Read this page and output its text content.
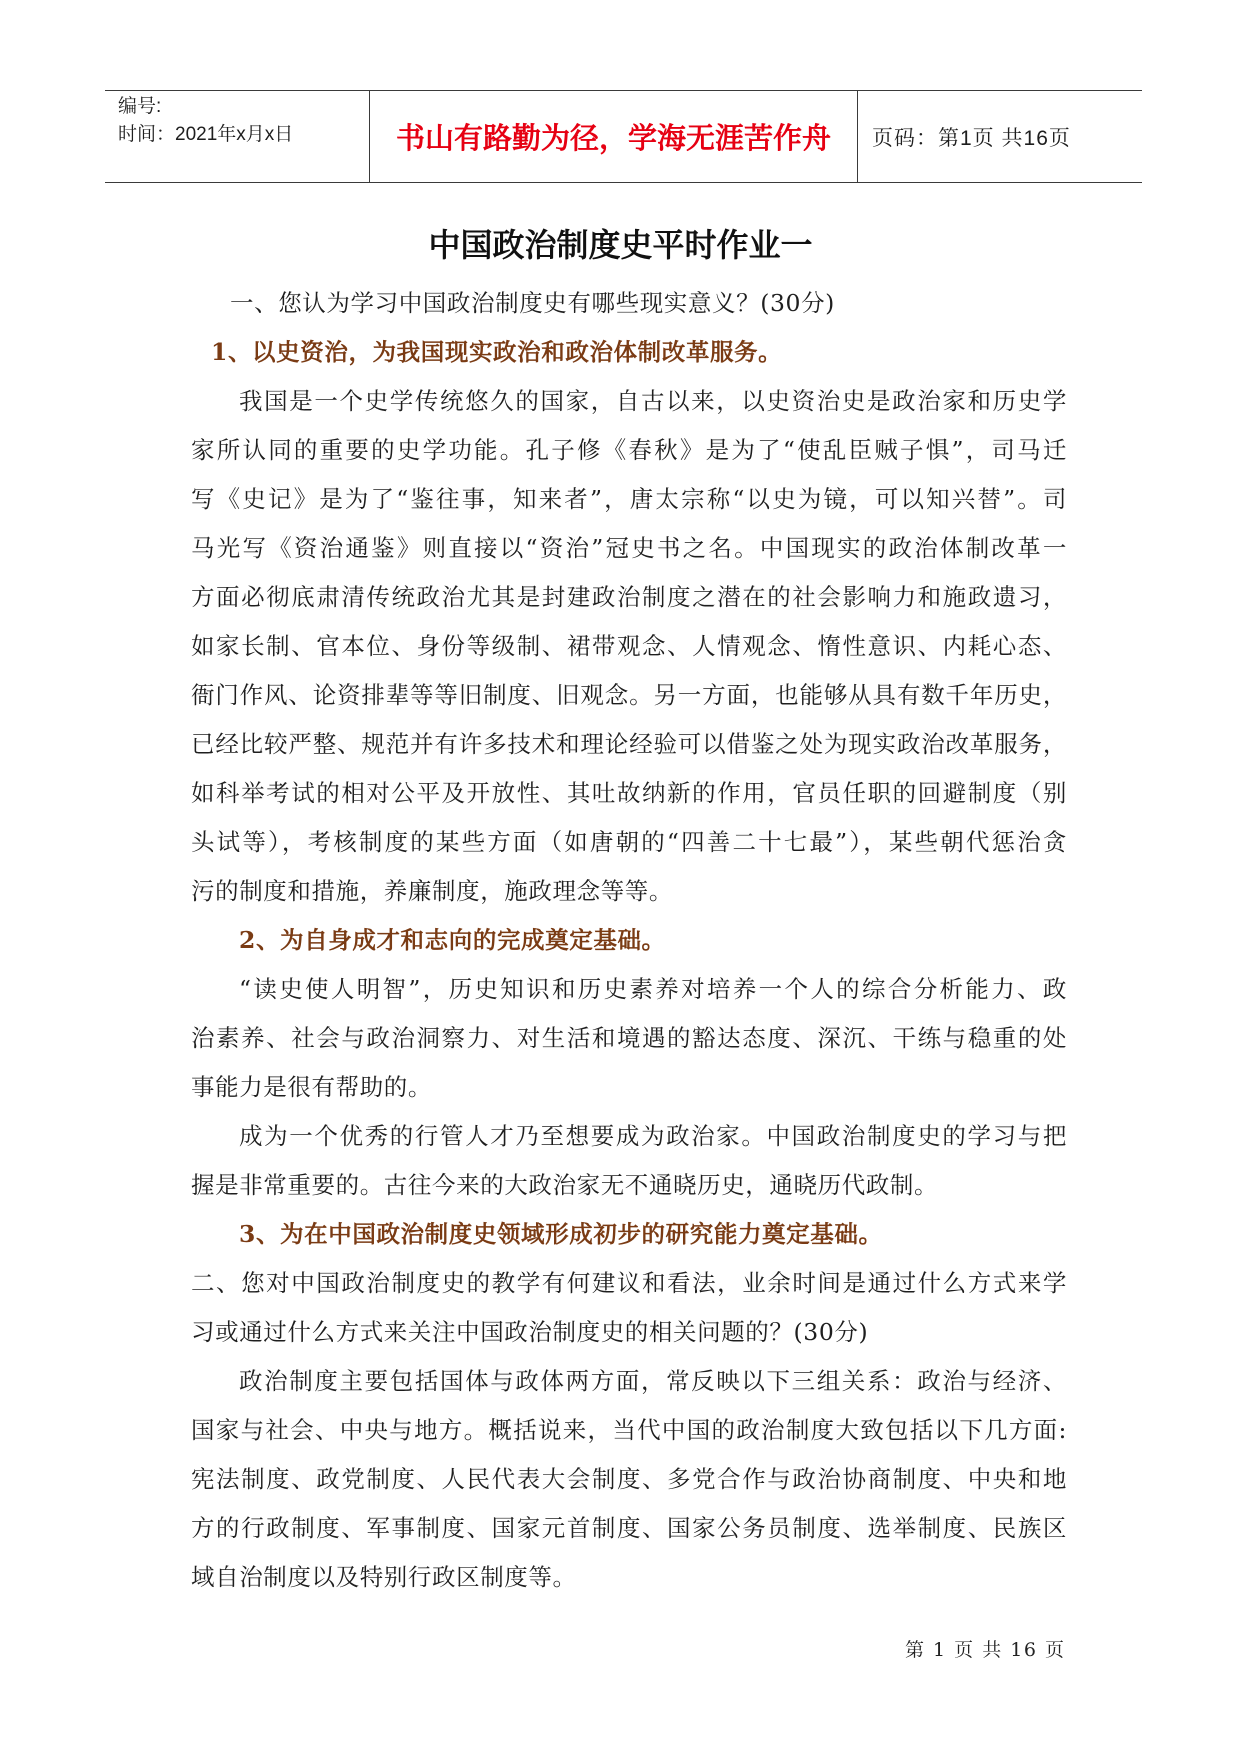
编号:
时间：2021年x月x日	书山有路勤为径，学海无涯苦作舟 页码：第1页 共16页
中国政治制度史平时作业一
一、您认为学习中国政治制度史有哪些现实意义？(30分)
1、以史资治，为我国现实政治和政治体制改革服务。
我国是一个史学传统悠久的国家，自古以来，以史资治史是政治家和历史学
家所认同的重要的史学功能。孔子修《春秋》是为了“使乱臣贼子惧”，司马迁
写《史记》是为了“鉴往事，知来者”，唐太宗称“以史为镜，可以知兴替”。司
马光写《资治通鉴》则直接以“资治”冠史书之名。中国现实的政治体制改革一
方面必彻底肃清传统政治尤其是封建政治制度之潜在的社会影响力和施政遗习，
如家长制、官本位、身份等级制、裙带观念、人情观念、惰性意识、内耗心态、
衙门作风、论资排辈等等旧制度、旧观念。另一方面，也能够从具有数千年历史，
已经比较严整、规范并有许多技术和理论经验可以借鉴之处为现实政治改革服务，
如科举考试的相对公平及开放性、其吐故纳新的作用，官员任职的回避制度（别
头试等），考核制度的某些方面（如唐朝的“四善二十七最”），某些朝代惩治贪
污的制度和措施，养廉制度，施政理念等等。
2、为自身成才和志向的完成奠定基础。
“读史使人明智”，历史知识和历史素养对培养一个人的综合分析能力、政
治素养、社会与政治洞察力、对生活和境遇的豁达态度、深沉、干练与稳重的处
事能力是很有帮助的。
成为一个优秀的行管人才乃至想要成为政治家。中国政治制度史的学习与把
握是非常重要的。古往今来的大政治家无不通晓历史，通晓历代政制。
3、为在中国政治制度史领域形成初步的研究能力奠定基础。
二、您对中国政治制度史的教学有何建议和看法，业余时间是通过什么方式来学
习或通过什么方式来关注中国政治制度史的相关问题的？(30分)
政治制度主要包括国体与政体两方面，常反映以下三组关系：政治与经济、
国家与社会、中央与地方。概括说来，当代中国的政治制度大致包括以下几方面:
宪法制度、政党制度、人民代表大会制度、多党合作与政治协商制度、中央和地
方的行政制度、军事制度、国家元首制度、国家公务员制度、选举制度、民族区
域自治制度以及特别行政区制度等。
第 1 页 共 16 页
